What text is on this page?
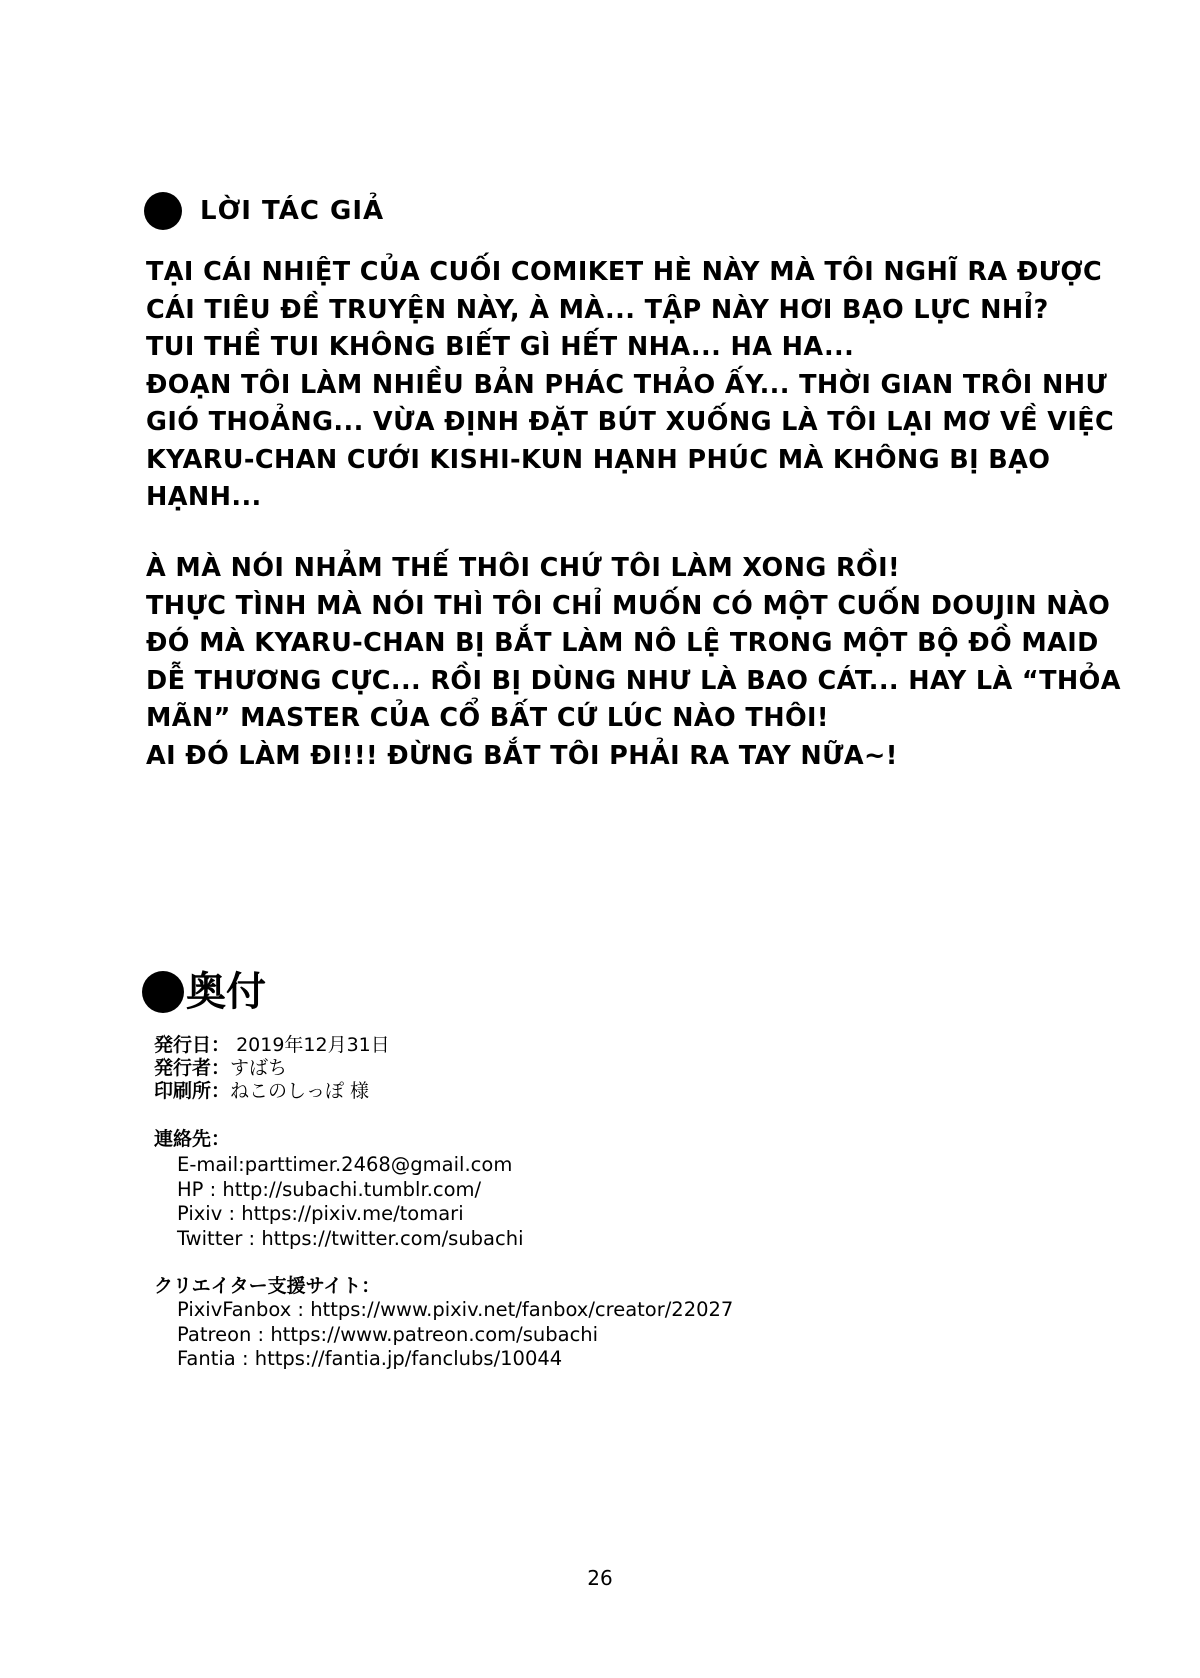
LỜI TÁC GIẢ
TẠI CÁI NHIỆT CỦA CUỐI COMIKET HÈ NÀY MÀ TÔI NGHĨ RA ĐƯỢC
CÁI TIÊU ĐỀ TRUYỆN NÀY, À MÀ... TẬP NÀY HƠI BẠO LỰC NHỈ?
TUI THỀ TUI KHÔNG BIẾT GÌ HẾT NHA... HA HA...
ĐOẠN TÔI LÀM NHIỀU BẢN PHÁC THẢO ẤY... THỜI GIAN TRÔI NHƯ
GIÓ THOẢNG... VỪA ĐỊNH ĐẶT BÚT XUỐNG LÀ TÔI LẠI MƠ VỀ VIỆC
KYARU-CHAN CƯỚI KISHI-KUN HẠNH PHÚC MÀ KHÔNG BỊ BẠO
HẠNH...
À MÀ NÓI NHẢM THẾ THÔI CHỨ TÔI LÀM XONG RỒI!
THỰC TÌNH MÀ NÓI THÌ TÔI CHỈ MUỐN CÓ MỘT CUỐN DOUJIN NÀO
ĐÓ MÀ KYARU-CHAN BỊ BẮT LÀM NÔ LỆ TRONG MỘT BỘ ĐỒ MAID
DỄ THƯƠNG CỰC... RỒI BỊ DÙNG NHƯ LÀ BAO CÁT... HAY LÀ “THỎA
MÃN” MASTER CỦA CỔ BẤT CỨ LÚC NÀO THÔI!
AI ĐÓ LÀM ĐI!!! ĐỪNG BẮT TÔI PHẢI RA TAY NỮA~!
奥付
発行日： 2019年12月31日
発行者：すばち
印刷所：ねこのしっぽ 様
連絡先：
E-mail:parttimer.2468@gmail.com
HP : http://subachi.tumblr.com/
Pixiv : https://pixiv.me/tomari
Twitter : https://twitter.com/subachi
クリエイター支援サイト：
PixivFanbox : https://www.pixiv.net/fanbox/creator/22027
Patreon : https://www.patreon.com/subachi
Fantia : https://fantia.jp/fanclubs/10044
26
